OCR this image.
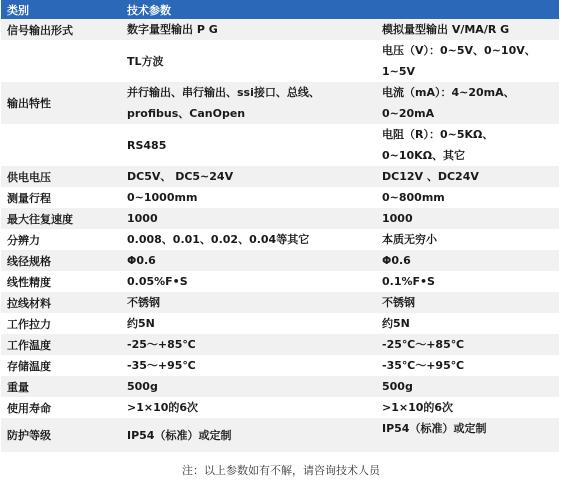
类别	技术参数	
信号输出形式	数字量型输出 P G	模拟量型输出 V/MA/R G

	TL方波	电压（V）：0~5V、0~10V、
1~5V

输出特性	并行输出、串行输出、ssi接口、总线、
profibus、CanOpen	电流（mA）：4~20mA、
0~20mA

	RS485	电阻（R）：0~5KΩ、
0~10KΩ、其它

供电电压	DC5V、 DC5~24V	DC12V 、DC24V

测量行程	0~1000mm	0~800mm

最大往复速度	1000	1000

分辨力	0.008、0.01、0.02、0.04等其它	本质无穷小

线径规格	Φ0.6	Φ0.6

线性精度	0.05%F•S	0.1%F•S

拉线材料	不锈钢	不锈钢

工作拉力	约5N	约5N

工作温度	-25～+85℃	-25℃～+85℃

存储温度	-35～+95℃	-35℃～+95℃

重量	500g	500g

使用寿命	>1×10的6次	>1×10的6次

防护等级	IP54（标准）或定制	IP54（标准）或定制
注：以上参数如有不解，请咨询技术人员
